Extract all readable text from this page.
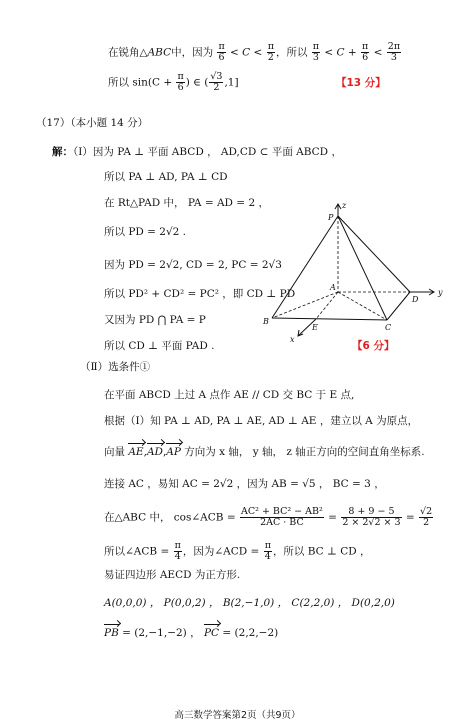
在锐角△ABC中，因为 $\frac{\pi}{6} < C < \frac{\pi}{2}$ ，所以 $\frac{\pi}{3} < C + \frac{\pi}{6} < \frac{2\pi}{3}$
所以 $\sin(C + \frac{\pi}{6}$ ) ∈ ( $\frac{√3}{2} ,1$]	【13 分】
（17）（本小题 14 分）
解：（Ⅰ）因为 PA ⊥ 平面 ABCD ， AD,CD ⊂ 平面 ABCD ，
所以 PA ⊥ AD, PA ⊥ CD
在 Rt△PAD 中， PA = AD = 2 ，
所以 PD = 2√2 .
因为 PD = 2√2, CD = 2, PC = 2√3
所以 PD² + CD² = PC² ，即 CD ⊥ PD
又因为 PD ⋂ PA = P
所以 CD ⊥ 平面 PAD .	【6 分】
P
z
A
D
y
B
E	C
x
（Ⅱ）选条件①
在平面 ABCD 上过 A 点作 AE // CD 交 BC 于 E 点,
根据（Ⅰ）知 PA ⊥ AD, PA ⊥ AE, AD ⊥ AE ，建立以 A 为原点，
向量 AE,AD,AP 方向为 x 轴， y 轴， z 轴正方向的空间直角坐标系.
连接 AC ，易知 AC = 2√2 ，因为 AB = √5 ， BC = 3 ，
在△ABC 中， cos∠ACB = $\frac{\text{AC² + BC² − AB²}}{2AC \cdot BC} = \frac{8 + 9 - 5}{2 \times 2√2 \times 3} = \frac{√2}{2}$
所以∠ACB = $\frac{\pi}{4}$ ，因为∠ACD = $\frac{\pi}{4}$ ，所以 BC ⊥ CD ，
易证四边形 AECD 为正方形.
A(0,0,0) ， P(0,0,2) ， B(2,−1,0) ， C(2,2,0) ， D(0,2,0)
PB = (2,−1,−2) ， PC = (2,2,−2)
高三数学答案第2页（共9页）
